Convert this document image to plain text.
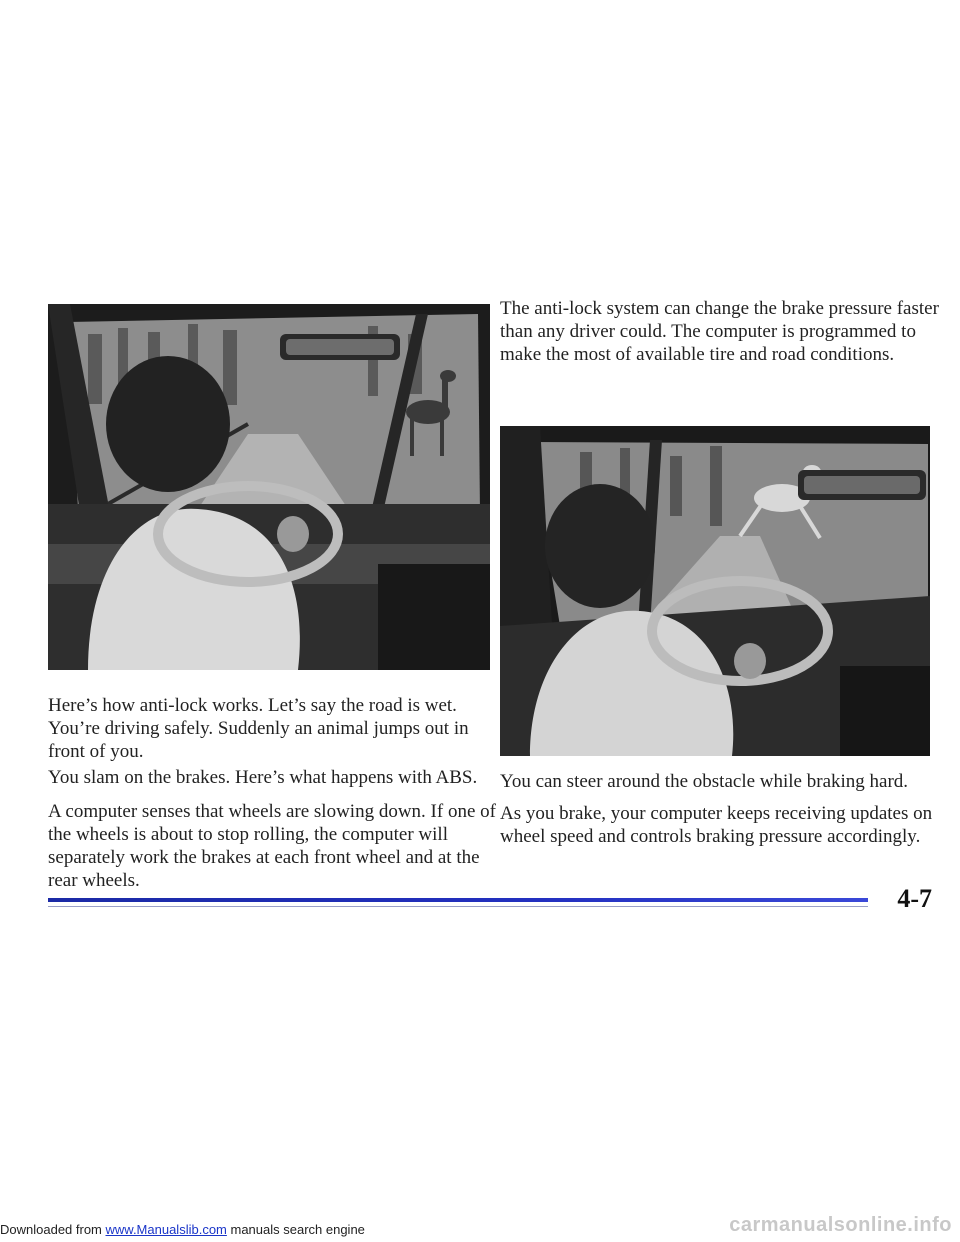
The anti-lock system can change the brake pressure faster than any driver could. The computer is programmed to make the most of available tire and road conditions.

Here’s how anti-lock works. Let’s say the road is wet. You’re driving safely. Suddenly an animal jumps out in front of you.

You slam on the brakes. Here’s what happens with ABS.

A computer senses that wheels are slowing down. If one of the wheels is about to stop rolling, the computer will separately work the brakes at each front wheel and at the rear wheels.

You can steer around the obstacle while braking hard.

As you brake, your computer keeps receiving updates on wheel speed and controls braking pressure accordingly.

4-7
Downloaded from www.Manualslib.com manuals search engine	carmanualsonline.info
